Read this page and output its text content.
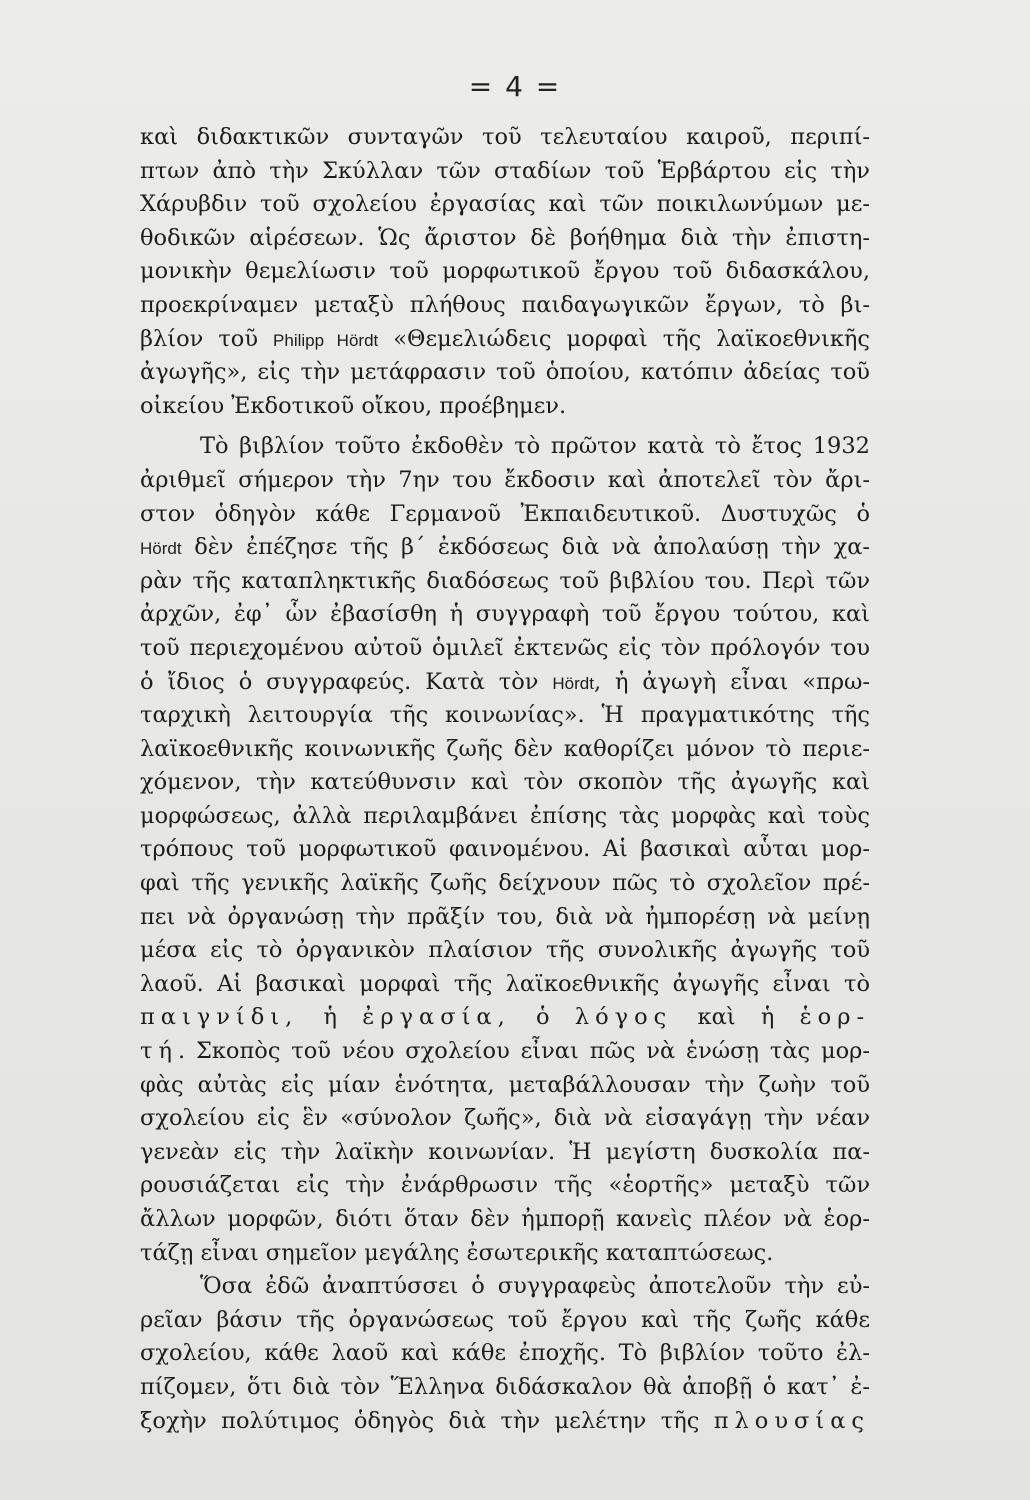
= 4 =
καὶ διδακτικῶν συνταγῶν τοῦ τελευταίου καιροῦ, περιπί-
πτων ἀπὸ τὴν Σκύλλαν τῶν σταδίων τοῦ Ἑρβάρτου εἰς τὴν
Χάρυβδιν τοῦ σχολείου ἐργασίας καὶ τῶν ποικιλωνύμων με-
θοδικῶν αἱρέσεων. Ὡς ἄριστον δὲ βοήθημα διὰ τὴν ἐπιστη-
μονικὴν θεμελίωσιν τοῦ μορφωτικοῦ ἔργου τοῦ διδασκάλου,
προεκρίναμεν μεταξὺ πλήθους παιδαγωγικῶν ἔργων, τὸ βι-
βλίον τοῦ Philipp Hördt «Θεμελιώδεις μορφαὶ τῆς λαϊκοεθνικῆς
ἀγωγῆς», εἰς τὴν μετάφρασιν τοῦ ὁποίου, κατόπιν ἀδείας τοῦ
οἰκείου Ἐκδοτικοῦ οἴκου, προέβημεν.
Τὸ βιβλίον τοῦτο ἐκδοθὲν τὸ πρῶτον κατὰ τὸ ἔτος 1932
ἀριθμεῖ σήμερον τὴν 7ην του ἔκδοσιν καὶ ἀποτελεῖ τὸν ἄρι-
στον ὁδηγὸν κάθε Γερμανοῦ Ἐκπαιδευτικοῦ. Δυστυχῶς ὁ
Hördt δὲν ἐπέζησε τῆς β΄ ἐκδόσεως διὰ νὰ ἀπολαύσῃ τὴν χα-
ρὰν τῆς καταπληκτικῆς διαδόσεως τοῦ βιβλίου του. Περὶ τῶν
ἀρχῶν, ἐφ᾽ ὧν ἐβασίσθη ἡ συγγραφὴ τοῦ ἔργου τούτου, καὶ
τοῦ περιεχομένου αὐτοῦ ὁμιλεῖ ἐκτενῶς εἰς τὸν πρόλογόν του
ὁ ἴδιος ὁ συγγραφεύς. Κατὰ τὸν Hördt, ἡ ἀγωγὴ εἶναι «πρω-
ταρχικὴ λειτουργία τῆς κοινωνίας». Ἡ πραγματικότης τῆς
λαϊκοεθνικῆς κοινωνικῆς ζωῆς δὲν καθορίζει μόνον τὸ περιε-
χόμενον, τὴν κατεύθυνσιν καὶ τὸν σκοπὸν τῆς ἀγωγῆς καὶ
μορφώσεως, ἀλλὰ περιλαμβάνει ἐπίσης τὰς μορφὰς καὶ τοὺς
τρόπους τοῦ μορφωτικοῦ φαινομένου. Αἱ βασικαὶ αὗται μορ-
φαὶ τῆς γενικῆς λαϊκῆς ζωῆς δείχνουν πῶς τὸ σχολεῖον πρέ-
πει νὰ ὀργανώσῃ τὴν πρᾶξίν του, διὰ νὰ ἠμπορέσῃ νὰ μείνῃ
μέσα εἰς τὸ ὀργανικὸν πλαίσιον τῆς συνολικῆς ἀγωγῆς τοῦ
λαοῦ. Αἱ βασικαὶ μορφαὶ τῆς λαϊκοεθνικῆς ἀγωγῆς εἶναι τὸ
παιγνίδι, ἡ ἐργασία, ὁ λόγος καὶ ἡ ἑορ-
τή. Σκοπὸς τοῦ νέου σχολείου εἶναι πῶς νὰ ἑνώσῃ τὰς μορ-
φὰς αὐτὰς εἰς μίαν ἑνότητα, μεταβάλλουσαν τὴν ζωὴν τοῦ
σχολείου εἰς ἓν «σύνολον ζωῆς», διὰ νὰ εἰσαγάγῃ τὴν νέαν
γενεὰν εἰς τὴν λαϊκὴν κοινωνίαν. Ἡ μεγίστη δυσκολία πα-
ρουσιάζεται εἰς τὴν ἐνάρθρωσιν τῆς «ἑορτῆς» μεταξὺ τῶν
ἄλλων μορφῶν, διότι ὅταν δὲν ἠμπορῇ κανεὶς πλέον νὰ ἑορ-
τάζῃ εἶναι σημεῖον μεγάλης ἐσωτερικῆς καταπτώσεως.
Ὅσα ἐδῶ ἀναπτύσσει ὁ συγγραφεὺς ἀποτελοῦν τὴν εὐ-
ρεῖαν βάσιν τῆς ὀργανώσεως τοῦ ἔργου καὶ τῆς ζωῆς κάθε
σχολείου, κάθε λαοῦ καὶ κάθε ἐποχῆς. Τὸ βιβλίον τοῦτο ἐλ-
πίζομεν, ὅτι διὰ τὸν Ἕλληνα διδάσκαλον θὰ ἀποβῇ ὁ κατ᾽ ἐ-
ξοχὴν πολύτιμος ὁδηγὸς διὰ τὴν μελέτην τῆς πλουσίας
